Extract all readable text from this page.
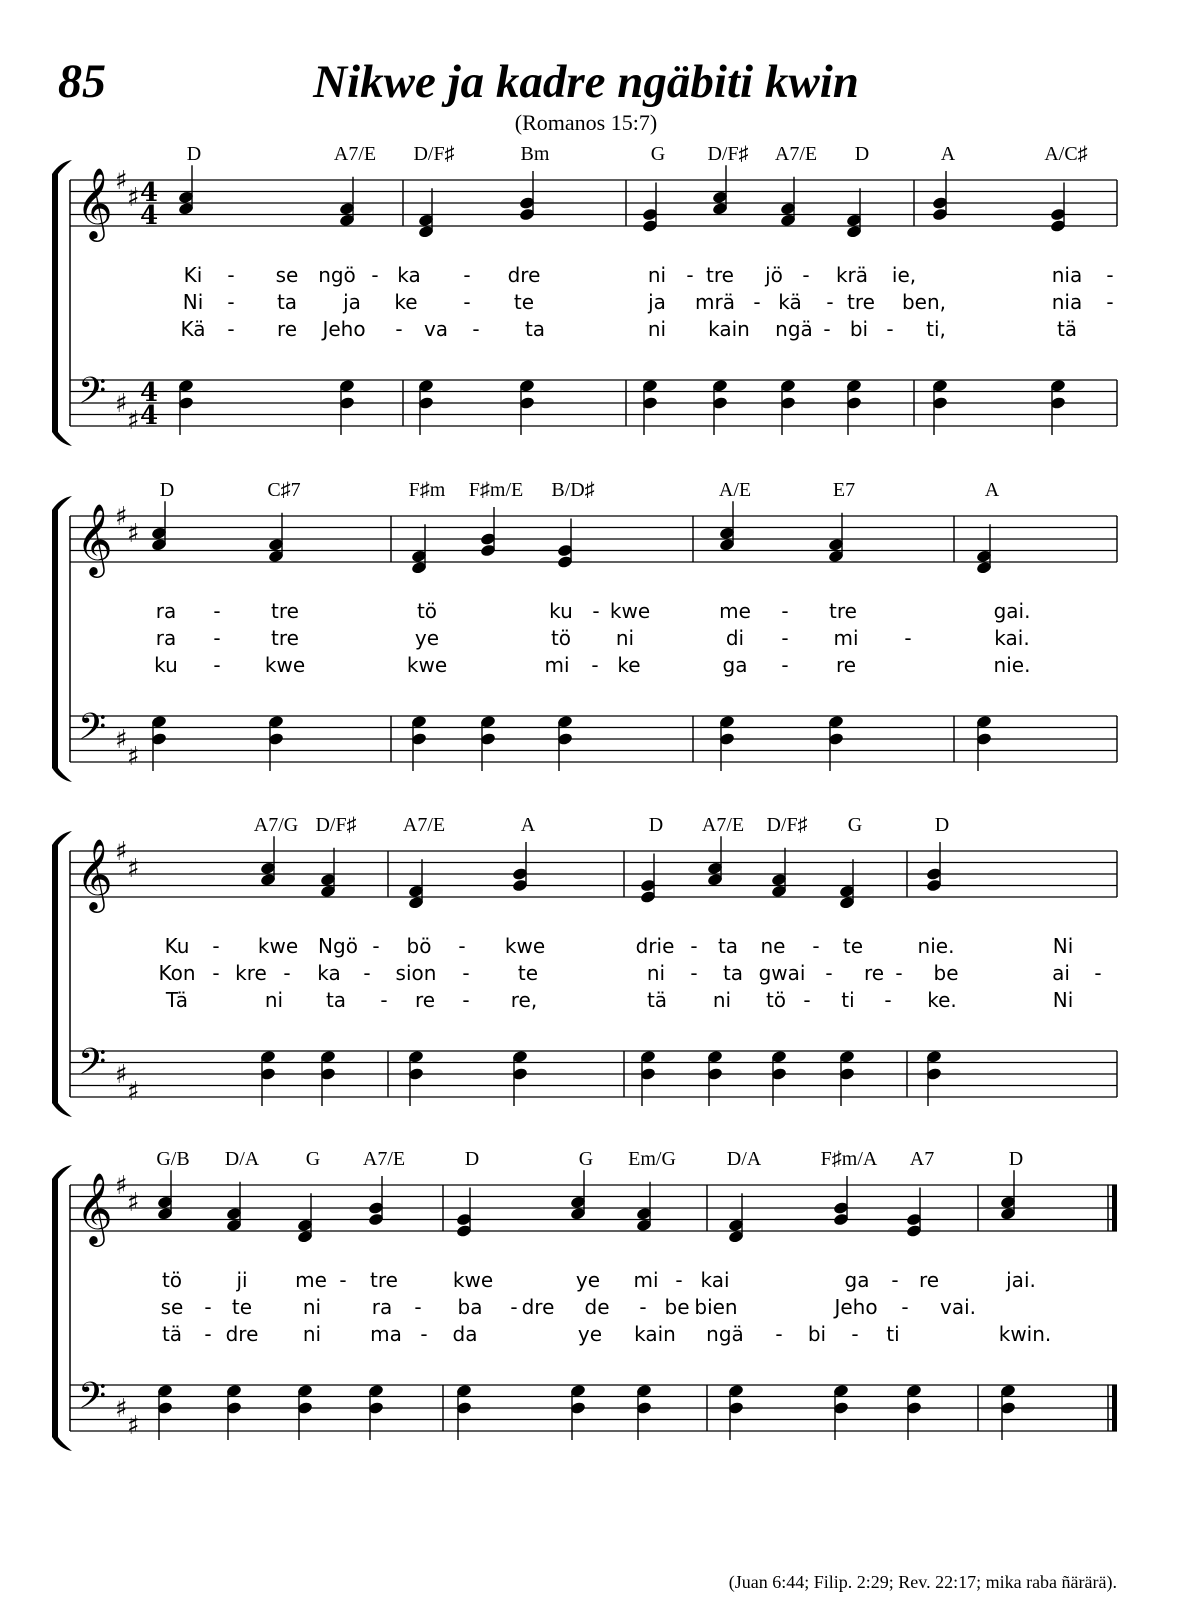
85	Nikwe ja kadre ngäbiti kwin
(Romanos 15:7)
𝄞
𝄢
♯
♯
♯
♯
4
4
4
4
D	A7/E D/F♯	Bm	G D/F♯ A7/E D	A	A/C♯
Ki - se ngö - ka - dre	ni - tre jö - krä ie,	nia -
Ni - ta ja ke - te	ja mrä - kä - tre ben,	nia -
Kä - re Jeho - va - ta	ni kain ngä - bi - ti,	tä
𝄞
𝄢
♯
♯
♯
♯
D	C♯7	F♯m F♯m/E B/D♯	A/E	E7	A
ra -	tre	tö	ku - kwe	me - tre	gai.
ra -	tre	ye	tö ni	di - mi -	kai.
ku - kwe	kwe	mi - ke	ga - re	nie.
𝄞
𝄢
♯
♯
♯
♯
A7/G D/F♯ A7/E	A	D A7/E D/F♯ G	D
Ku - kwe Ngö - bö - kwe	drie - ta ne - te	nie.	Ni
Kon - kre - ka - sion - te	ni - ta gwai - re - be	ai -
Tä	ni ta - re - re,	tä ni tö - ti - ke.	Ni
𝄞
𝄢
♯
♯
♯
♯
G/B D/A G A7/E	D	G Em/G	D/A	F♯m/A A7	D
tö	ji me - tre	kwe	ye mi - kai	ga - re	jai.
se - te	ni	ra - ba - dre de - be bien	Jeho - vai.
tä - dre ni ma - da	ye kain ngä - bi - ti	kwin.
(Juan 6:44; Filip. 2:29; Rev. 22:17; mika raba ñärärä).
